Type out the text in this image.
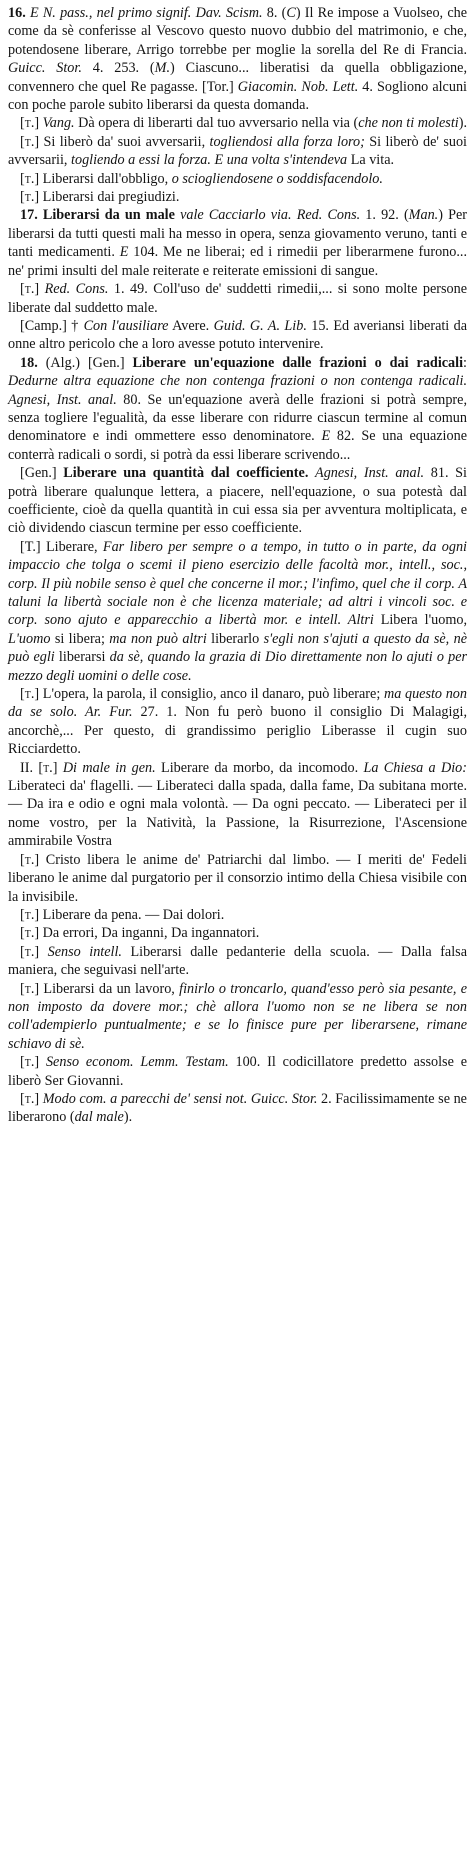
16. E N. pass., nel primo signif. Dav. Scism. 8. (C) Il Re impose a Vuolseo, che come da sè conferisse al Vescovo questo nuovo dubbio del matrimonio, e che, potendosene liberare, Arrigo torrebbe per moglie la sorella del Re di Francia. Guicc. Stor. 4. 253. (M.) Ciascuno... liberatisi da quella obbligazione, convennero che quel Re pagasse. [Tor.] Giacomin. Nob. Lett. 4. Sogliono alcuni con poche parole subito liberarsi da questa domanda.

[t.] Vang. Dà opera di liberarti dal tuo avversario nella via (che non ti molesti).

[t.] Si liberò da' suoi avversarii, togliendosi alla forza loro; Si liberò de' suoi avversarii, togliendo a essi la forza. E una volta s'intendeva La vita.

[t.] Liberarsi dall'obbligo, o sciogliendosene o soddisfacendolo.

[t.] Liberarsi dai pregiudizi.

17. Liberarsi da un male vale Cacciarlo via. Red. Cons. 1. 92. (Man.) Per liberarsi da tutti questi mali ha messo in opera, senza giovamento veruno, tanti e tanti medicamenti. E 104. Me ne liberai; ed i rimedii per liberarmene furono... ne' primi insulti del male reiterate e reiterate emissioni di sangue.

[t.] Red. Cons. 1. 49. Coll'uso de' suddetti rimedii,... si sono molte persone liberate dal suddetto male.

[Camp.] † Con l'ausiliare Avere. Guid. G. A. Lib. 15. Ed averiansi liberati da onne altro pericolo che a loro avesse potuto intervenire.

18. (Alg.) [Gen.] Liberare un'equazione dalle frazioni o dai radicali: Dedurne altra equazione che non contenga frazioni o non contenga radicali. Agnesi, Inst. anal. 80. Se un'equazione averà delle frazioni si potrà sempre, senza togliere l'egualità, da esse liberare con ridurre ciascun termine al comun denominatore e indi ommettere esso denominatore. E 82. Se una equazione conterrà radicali o sordi, si potrà da essi liberare scrivendo...

[Gen.] Liberare una quantità dal coefficiente. Agnesi, Inst. anal. 81. Si potrà liberare qualunque lettera, a piacere, nell'equazione, o sua potestà dal coefficiente, cioè da quella quantità in cui essa sia per avventura moltiplicata, e ciò dividendo ciascun termine per esso coefficiente.

[T.] Liberare, Far libero per sempre o a tempo, in tutto o in parte, da ogni impaccio che tolga o scemi il pieno esercizio delle facoltà mor., intell., soc., corp. Il più nobile senso è quel che concerne il mor.; l'infimo, quel che il corp. A taluni la libertà sociale non è che licenza materiale; ad altri i vincoli soc. e corp. sono ajuto e apparecchio a libertà mor. e intell. Altri Libera l'uomo, L'uomo si libera; ma non può altri liberarlo s'egli non s'ajuti a questo da sè, nè può egli liberarsi da sè, quando la grazia di Dio direttamente non lo ajuti o per mezzo degli uomini o delle cose.

[t.] L'opera, la parola, il consiglio, anco il danaro, può liberare; ma questo non da se solo. Ar. Fur. 27. 1. Non fu però buono il consiglio Di Malagigi, ancorchè,... Per questo, di grandissimo periglio Liberasse il cugin suo Ricciardetto.

II. [t.] Di male in gen. Liberare da morbo, da incomodo. La Chiesa a Dio: Liberateci da' flagelli. — Liberateci dalla spada, dalla fame, Da subitana morte. — Da ira e odio e ogni mala volontà. — Da ogni peccato. — Liberateci per il nome vostro, per la Natività, la Passione, la Risurrezione, l'Ascensione ammirabile Vostra

[t.] Cristo libera le anime de' Patriarchi dal limbo. — I meriti de' Fedeli liberano le anime dal purgatorio per il consorzio intimo della Chiesa visibile con la invisibile.

[t.] Liberare da pena. — Dai dolori.

[t.] Da errori, Da inganni, Da ingannatori.

[t.] Senso intell. Liberarsi dalle pedanterie della scuola. — Dalla falsa maniera, che seguivasi nell'arte.

[t.] Liberarsi da un lavoro, finirlo o troncarlo, quand'esso però sia pesante, e non imposto da dovere mor.; chè allora l'uomo non se ne libera se non coll'adempierlo puntualmente; e se lo finisce pure per liberarsene, rimane schiavo di sè.

[t.] Senso econom. Lemm. Testam. 100. Il codicillatore predetto assolse e liberò Ser Giovanni.

[t.] Modo com. a parecchi de' sensi not. Guicc. Stor. 2. Facilissimamente se ne liberarono (dal male).
